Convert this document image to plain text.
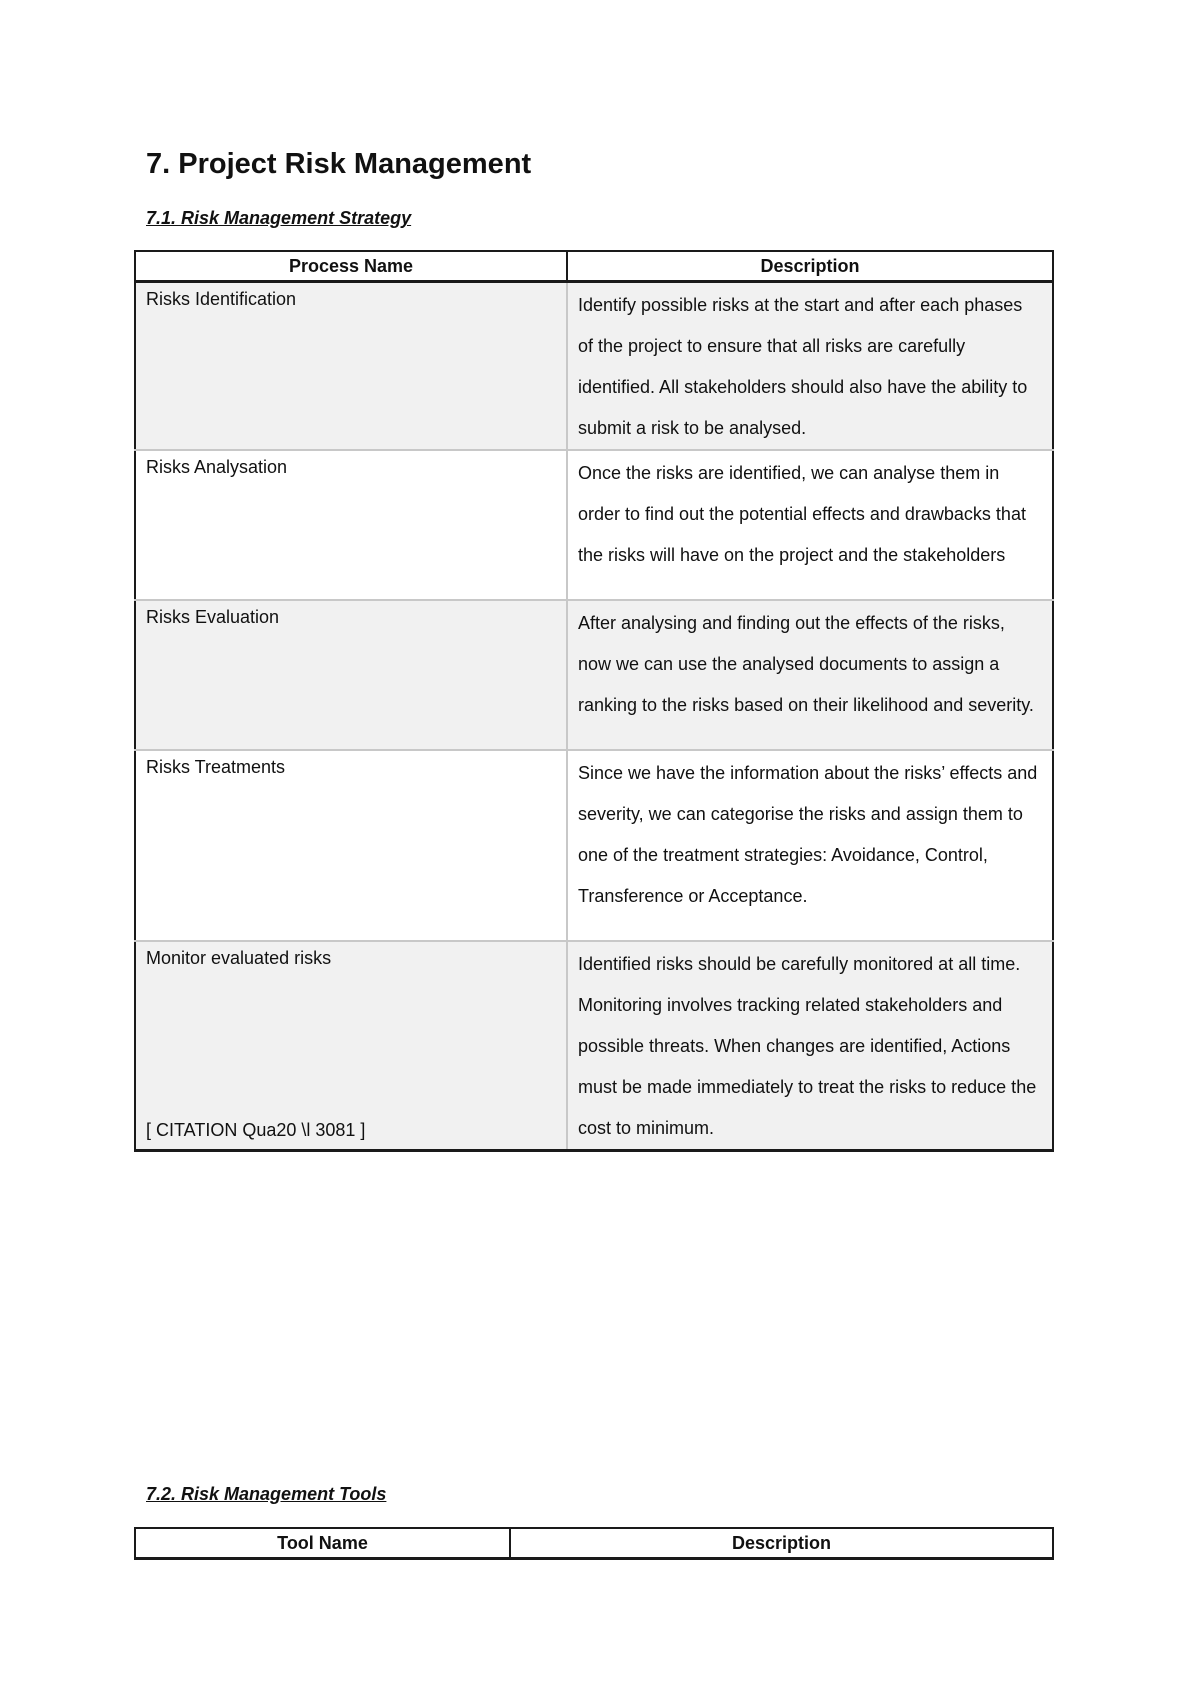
7. Project Risk Management
7.1. Risk Management Strategy
Process Name	Description
Risks Identification	Identify possible risks at the start and after each phases of the project to ensure that all risks are carefully identified. All stakeholders should also have the ability to submit a risk to be analysed.
Risks Analysation	Once the risks are identified, we can analyse them in order to find out the potential effects and drawbacks that the risks will have on the project and the stakeholders
Risks Evaluation	After analysing and finding out the effects of the risks, now we can use the analysed documents to assign a ranking to the risks based on their likelihood and severity.
Risks Treatments	Since we have the information about the risks’ effects and severity, we can categorise the risks and assign them to one of the treatment strategies: Avoidance, Control, Transference or Acceptance.
Monitor evaluated risks	Identified risks should be carefully monitored at all time. Monitoring involves tracking related stakeholders and possible threats. When changes are identified, Actions must be made immediately to treat the risks to reduce the cost to minimum.
[ CITATION Qua20 \l 3081 ]
7.2. Risk Management Tools
Tool Name	Description
